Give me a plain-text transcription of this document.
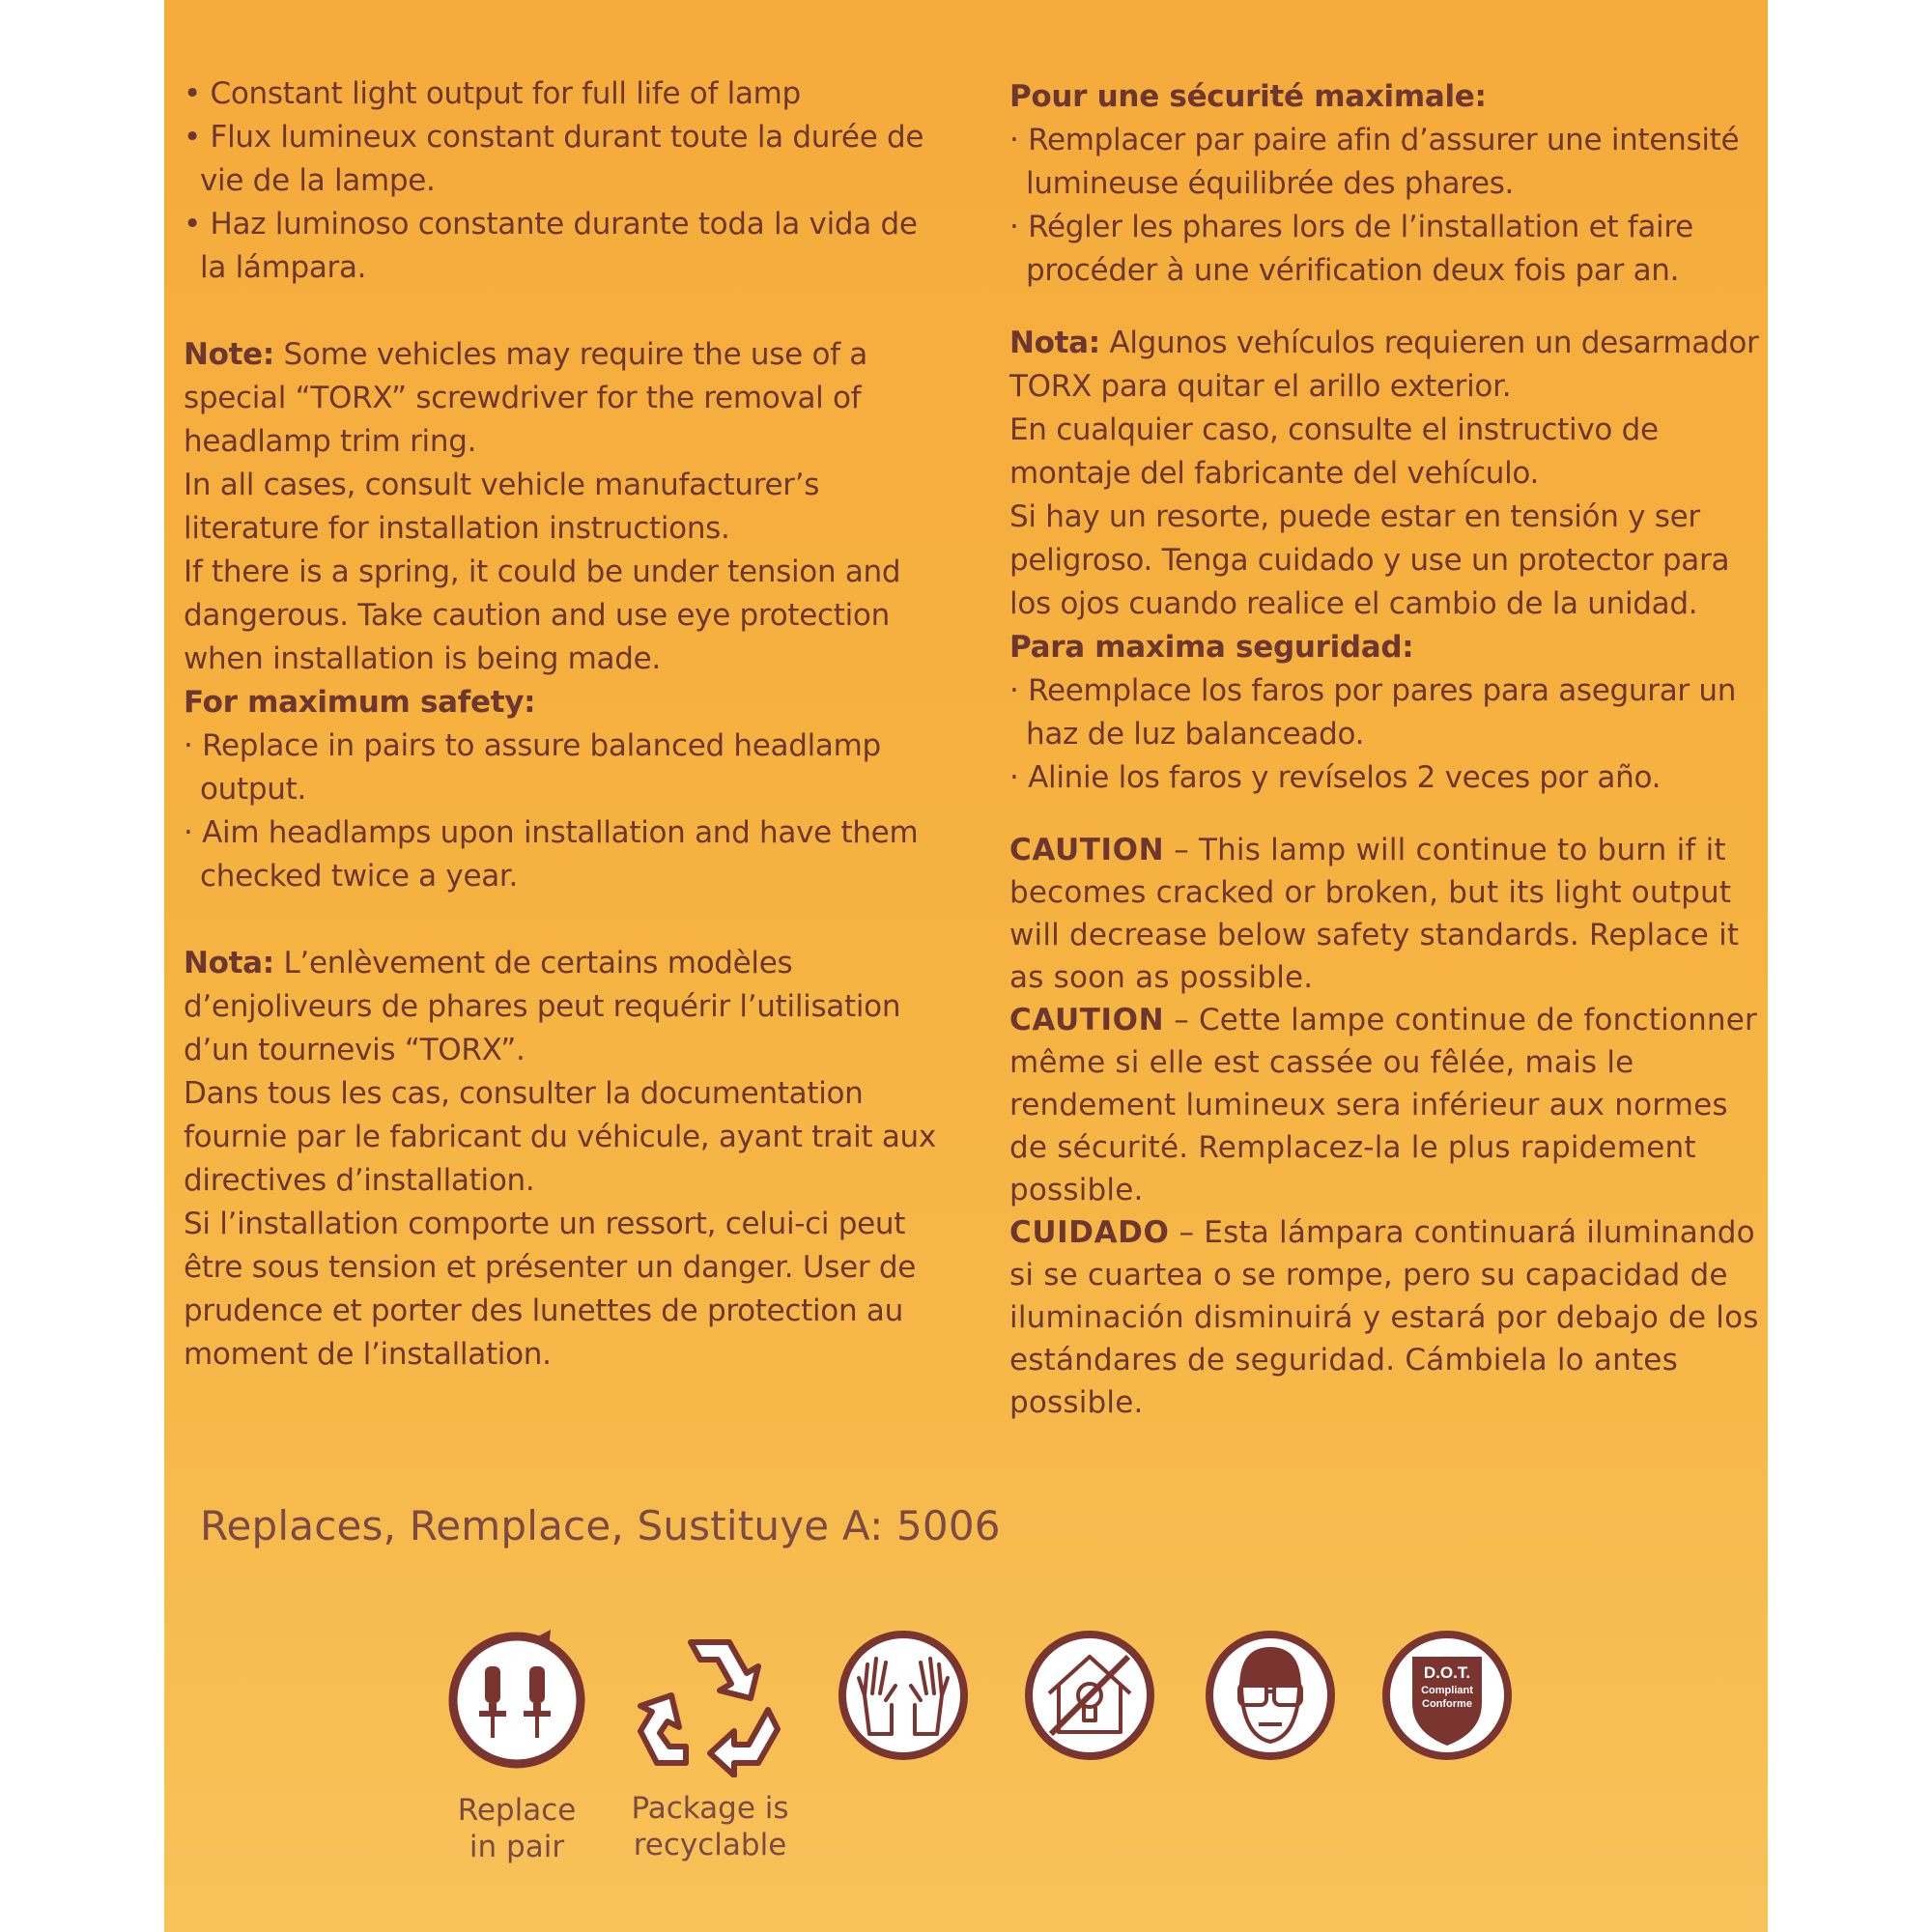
• Constant light output for full life of lamp

• Flux lumineux constant durant toute la durée de vie de la lampe.

• Haz luminoso constante durante toda la vida de la lámpara.

Note: Some vehicles may require the use of a special “TORX” screwdriver for the removal of headlamp trim ring.

In all cases, consult vehicle manufacturer’s literature for installation instructions.

If there is a spring, it could be under tension and dangerous. Take caution and use eye protection when installation is being made.

For maximum safety:

· Replace in pairs to assure balanced headlamp output.

· Aim headlamps upon installation and have them checked twice a year.

Nota: L’enlèvement de certains modèles d’enjoliveurs de phares peut requérir l’utilisation d’un tournevis “TORX”.

Dans tous les cas, consulter la documentation fournie par le fabricant du véhicule, ayant trait aux directives d’installation.

Si l’installation comporte un ressort, celui-ci peut être sous tension et présenter un danger. User de prudence et porter des lunettes de protection au moment de l’installation.

Pour une sécurité maximale:

· Remplacer par paire afin d’assurer une intensité lumineuse équilibrée des phares.

· Régler les phares lors de l’installation et faire procéder à une vérification deux fois par an.

Nota: Algunos vehículos requieren un desarmador TORX para quitar el arillo exterior.

En cualquier caso, consulte el instructivo de montaje del fabricante del vehículo.

Si hay un resorte, puede estar en tensión y ser peligroso. Tenga cuidado y use un protector para los ojos cuando realice el cambio de la unidad.

Para maxima seguridad:

· Reemplace los faros por pares para asegurar un haz de luz balanceado.

· Alinie los faros y revíselos 2 veces por año.

CAUTION – This lamp will continue to burn if it becomes cracked or broken, but its light output will decrease below safety standards. Replace it as soon as possible.

CAUTION – Cette lampe continue de fonctionner même si elle est cassée ou fêlée, mais le rendement lumineux sera inférieur aux normes de sécurité. Remplacez-la le plus rapidement possible.

CUIDADO – Esta lámpara continuará iluminando si se cuartea o se rompe, pero su capacidad de iluminación disminuirá y estará por debajo de los estándares de seguridad. Cámbiela lo antes possible.

Replaces, Remplace, Sustituye A: 5006
Replace
in pair
Package is
recyclable
D.O.T.
Compliant
Conforme
